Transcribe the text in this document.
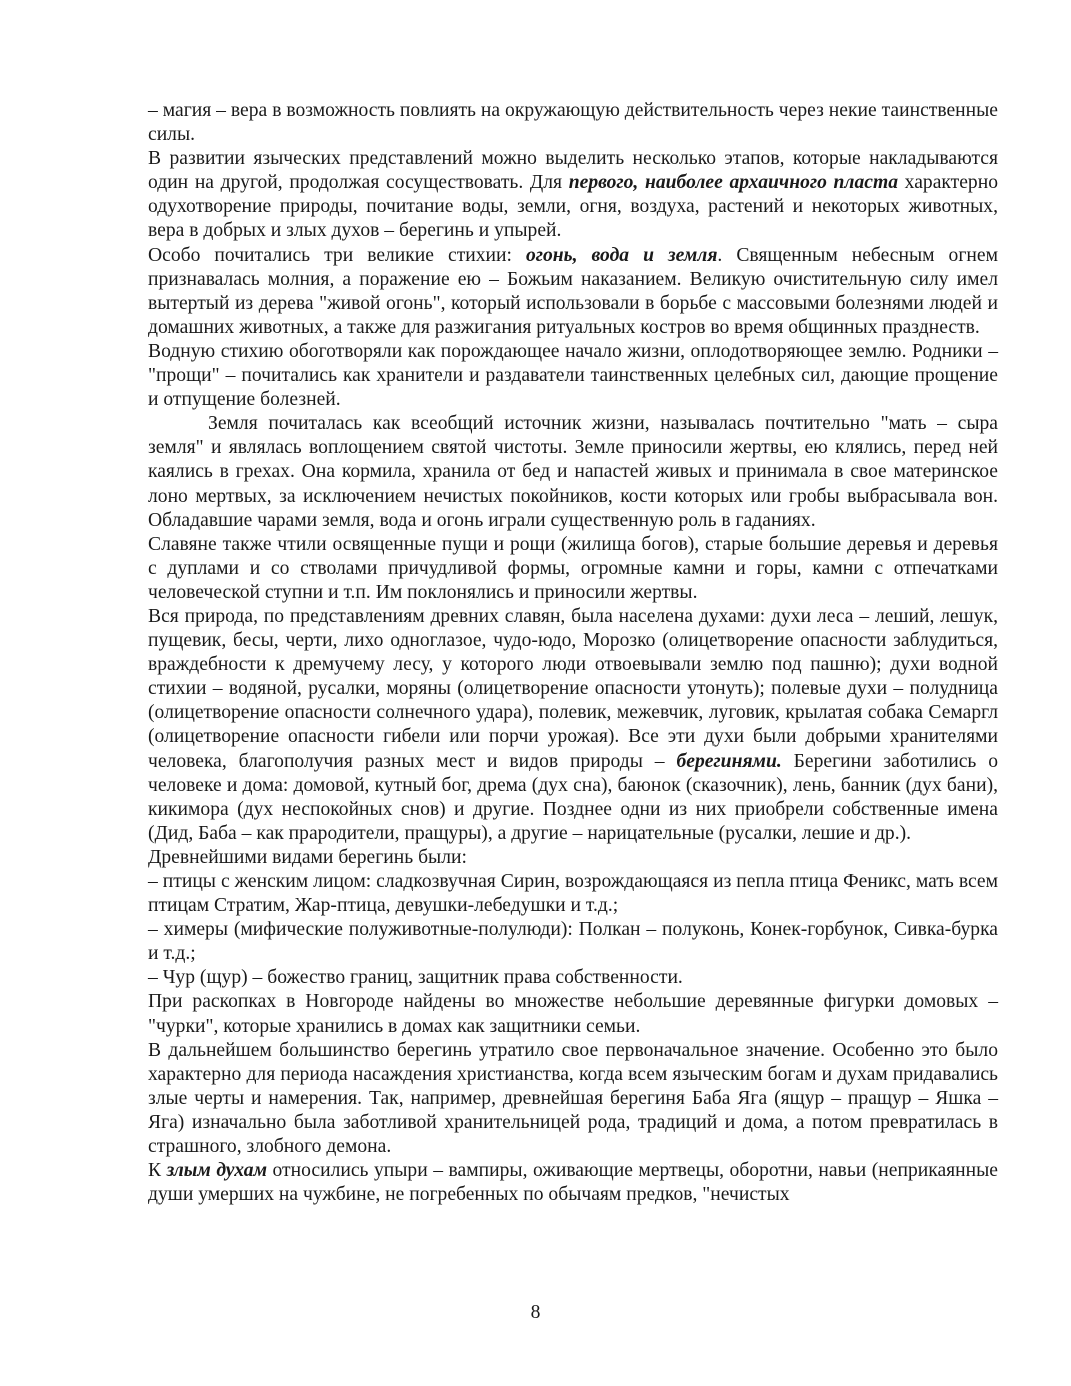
– магия – вера в возможность повлиять на окружающую действительность через некие таинственные силы.

В развитии языческих представлений можно выделить несколько этапов, которые накладываются один на другой, продолжая сосуществовать. Для первого, наиболее архаичного пласта характерно одухотворение природы, почитание воды, земли, огня, воздуха, растений и некоторых животных, вера в добрых и злых духов – берегинь и упырей.

Особо почитались три великие стихии: огонь, вода и земля. Священным небесным огнем признавалась молния, а поражение ею – Божьим наказанием. Великую очистительную силу имел вытертый из дерева "живой огонь", который использовали в борьбе с массовыми болезнями людей и домашних животных, а также для разжигания ритуальных костров во время общинных празднеств.

Водную стихию обоготворяли как порождающее начало жизни, оплодотворяющее землю. Родники – "прощи" – почитались как хранители и раздаватели таинственных целебных сил, дающие прощение и отпущение болезней.

Земля почиталась как всеобщий источник жизни, называлась почтительно "мать – сыра земля" и являлась воплощением святой чистоты. Земле приносили жертвы, ею клялись, перед ней каялись в грехах. Она кормила, хранила от бед и напастей живых и принимала в свое материнское лоно мертвых, за исключением нечистых покойников, кости которых или гробы выбрасывала вон. Обладавшие чарами земля, вода и огонь играли существенную роль в гаданиях.

Славяне также чтили освященные пущи и рощи (жилища богов), старые большие деревья и деревья с дуплами и со стволами причудливой формы, огромные камни и горы, камни с отпечатками человеческой ступни и т.п. Им поклонялись и приносили жертвы.

Вся природа, по представлениям древних славян, была населена духами: духи леса – леший, лешук, пущевик, бесы, черти, лихо одноглазое, чудо-юдо, Морозко (олицетворение опасности заблудиться, враждебности к дремучему лесу, у которого люди отвоевывали землю под пашню); духи водной стихии – водяной, русалки, моряны (олицетворение опасности утонуть); полевые духи – полудница (олицетворение опасности солнечного удара), полевик, межевчик, луговик, крылатая собака Семаргл (олицетворение опасности гибели или порчи урожая). Все эти духи были добрыми хранителями человека, благополучия разных мест и видов природы – берегинями. Берегини заботились о человеке и дома: домовой, кутный бог, дрема (дух сна), баюнок (сказочник), лень, банник (дух бани), кикимора (дух неспокойных снов) и другие. Позднее одни из них приобрели собственные имена (Дид, Баба – как прародители, пращуры), а другие – нарицательные (русалки, лешие и др.).

Древнейшими видами берегинь были:

– птицы с женским лицом: сладкозвучная Сирин, возрождающаяся из пепла птица Феникс, мать всем птицам Стратим, Жар-птица, девушки-лебедушки и т.д.;

– химеры (мифические полуживотные-полулюди): Полкан – полуконь, Конек-горбунок, Сивка-бурка и т.д.;

– Чур (щур) – божество границ, защитник права собственности.

При раскопках в Новгороде найдены во множестве небольшие деревянные фигурки домовых – "чурки", которые хранились в домах как защитники семьи.

В дальнейшем большинство берегинь утратило свое первоначальное значение. Особенно это было характерно для периода насаждения христианства, когда всем языческим богам и духам придавались злые черты и намерения. Так, например, древнейшая берегиня Баба Яга (ящур – пращур – Яшка – Яга) изначально была заботливой хранительницей рода, традиций и дома, а потом превратилась в страшного, злобного демона.

К злым духам относились упыри – вампиры, оживающие мертвецы, оборотни, навьи (неприкаянные души умерших на чужбине, не погребенных по обычаям предков, "нечистых

8
